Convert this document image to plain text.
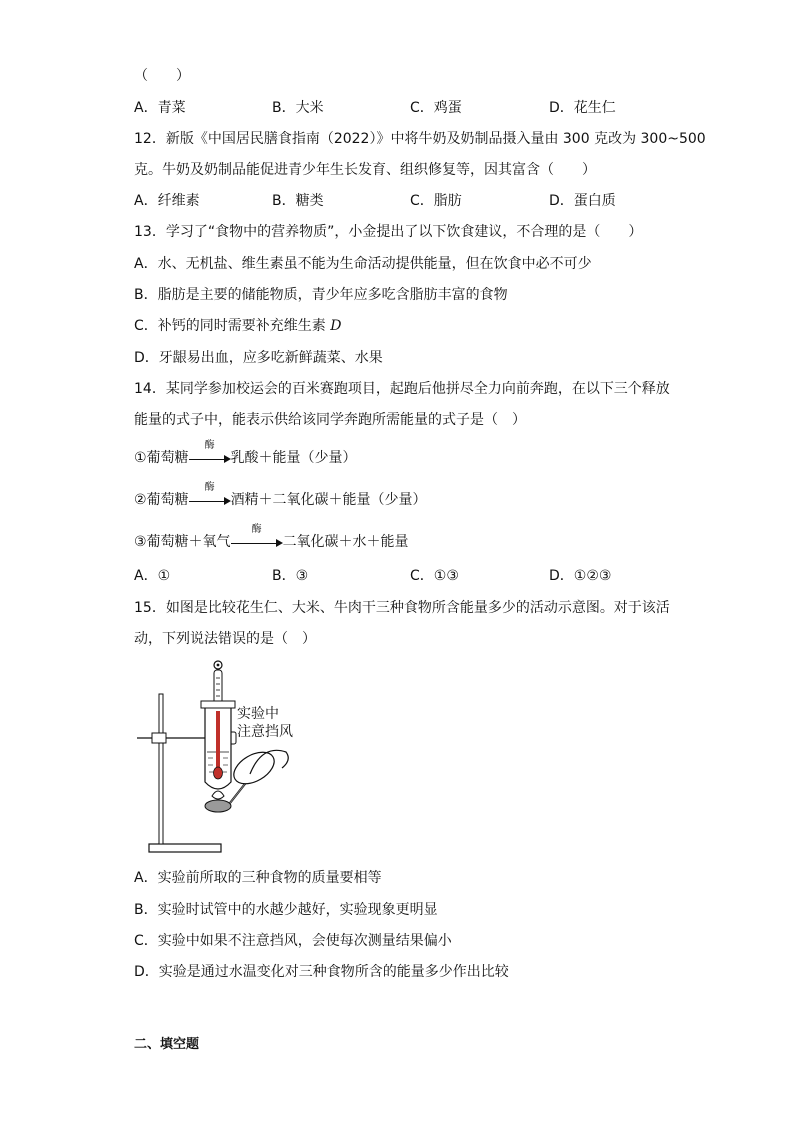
（　　）
A．青菜	B．大米	C．鸡蛋	D．花生仁
12．新版《中国居民膳食指南（2022）》中将牛奶及奶制品摄入量由 300 克改为 300~500
克。牛奶及奶制品能促进青少年生长发育、组织修复等，因其富含（　　）
A．纤维素	B．糖类	C．脂肪	D．蛋白质
13．学习了“食物中的营养物质”，小金提出了以下饮食建议，不合理的是（　　）
A．水、无机盐、维生素虽不能为生命活动提供能量，但在饮食中必不可少
B．脂肪是主要的储能物质，青少年应多吃含脂肪丰富的食物
C．补钙的同时需要补充维生素 D
D．牙龈易出血，应多吃新鲜蔬菜、水果
14．某同学参加校运会的百米赛跑项目，起跑后他拼尽全力向前奔跑，在以下三个释放
能量的式子中，能表示供给该同学奔跑所需能量的式子是（　）
①葡萄糖
酶
乳酸＋能量（少量）
②葡萄糖
酶
酒精＋二氧化碳＋能量（少量）
③葡萄糖＋氧气
酶
二氧化碳＋水＋能量
A．①	B．③	C．①③	D．①②③
15．如图是比较花生仁、大米、牛肉干三种食物所含能量多少的活动示意图。对于该活
动，下列说法错误的是（　）
实验中
注意挡风
A．实验前所取的三种食物的质量要相等
B．实验时试管中的水越少越好，实验现象更明显
C．实验中如果不注意挡风，会使每次测量结果偏小
D．实验是通过水温变化对三种食物所含的能量多少作出比较
二、填空题
